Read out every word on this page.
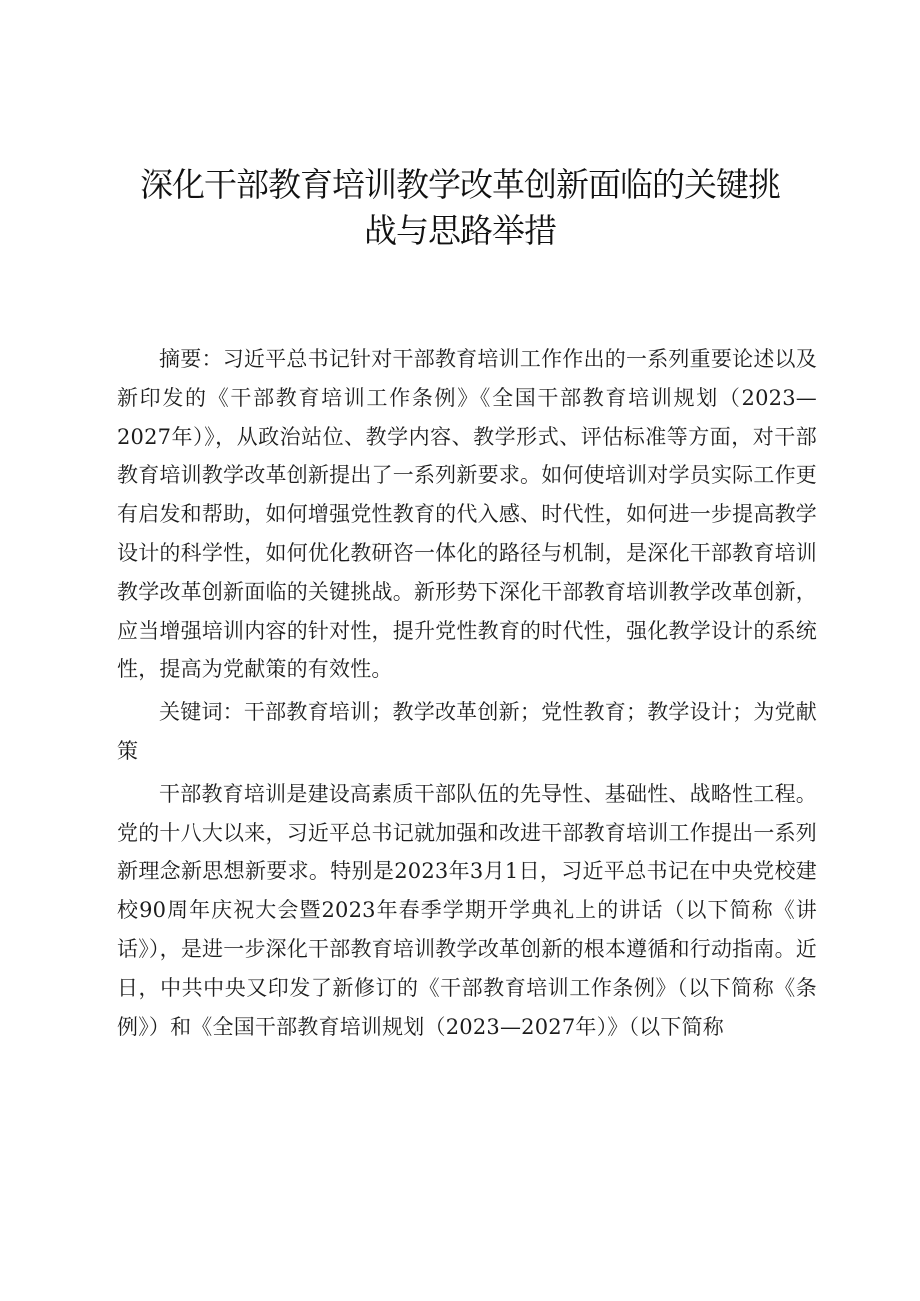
深化干部教育培训教学改革创新面临的关键挑
战与思路举措

摘要：习近平总书记针对干部教育培训工作作出的一系列重要论述以及新印发的《干部教育培训工作条例》《全国干部教育培训规划（2023—2027年）》，从政治站位、教学内容、教学形式、评估标准等方面，对干部教育培训教学改革创新提出了一系列新要求。如何使培训对学员实际工作更有启发和帮助，如何增强党性教育的代入感、时代性，如何进一步提高教学设计的科学性，如何优化教研咨一体化的路径与机制，是深化干部教育培训教学改革创新面临的关键挑战。新形势下深化干部教育培训教学改革创新，应当增强培训内容的针对性，提升党性教育的时代性，强化教学设计的系统性，提高为党献策的有效性。

关键词：干部教育培训；教学改革创新；党性教育；教学设计；为党献策

干部教育培训是建设高素质干部队伍的先导性、基础性、战略性工程。党的十八大以来，习近平总书记就加强和改进干部教育培训工作提出一系列新理念新思想新要求。特别是2023年3月1日，习近平总书记在中央党校建校90周年庆祝大会暨2023年春季学期开学典礼上的讲话（以下简称《讲话》），是进一步深化干部教育培训教学改革创新的根本遵循和行动指南。近日，中共中央又印发了新修订的《干部教育培训工作条例》（以下简称《条例》）和《全国干部教育培训规划（2023—2027年）》（以下简称
